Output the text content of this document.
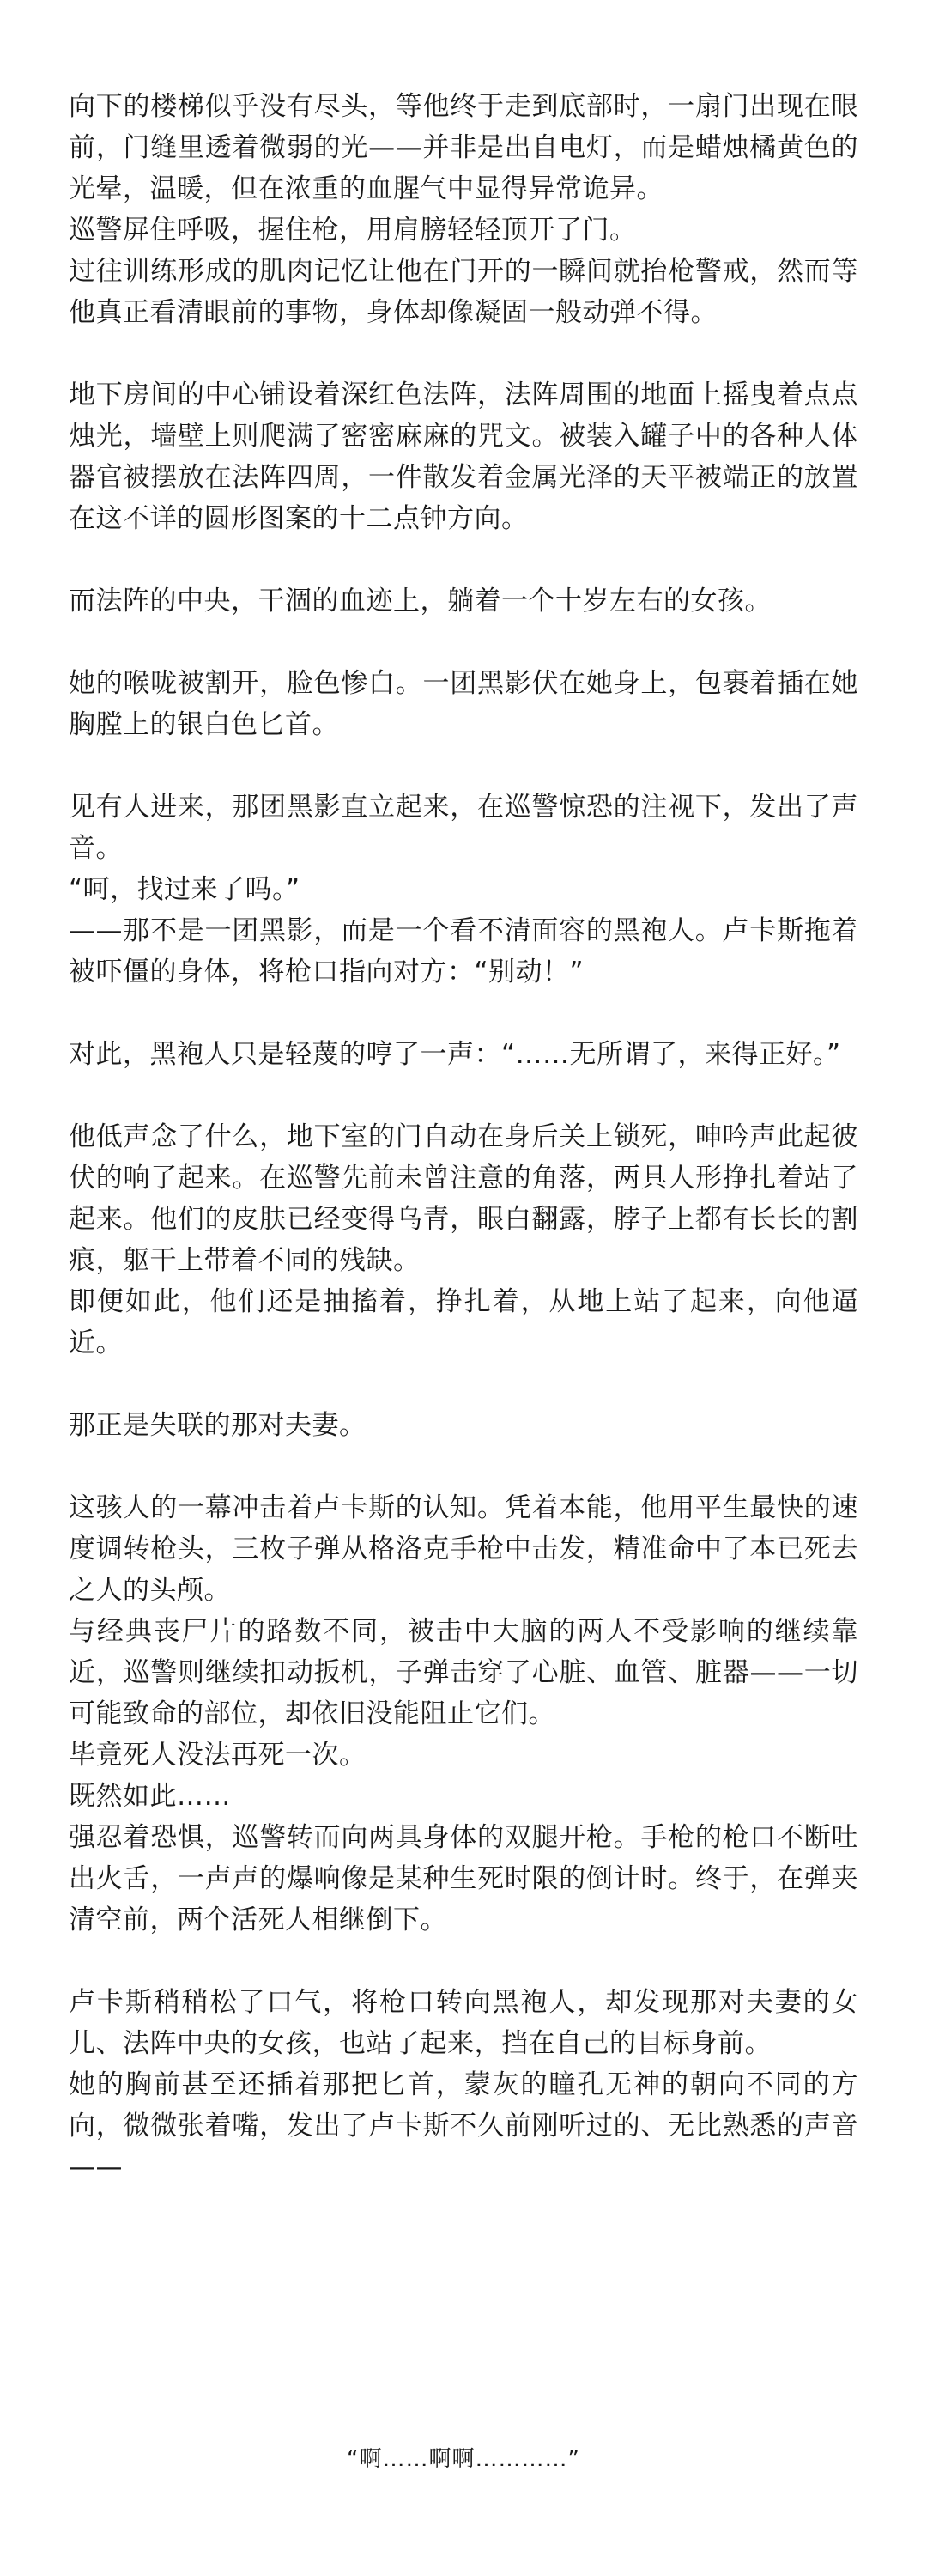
向下的楼梯似乎没有尽头，等他终于走到底部时，一扇门出现在眼前，门缝里透着微弱的光——并非是出自电灯，而是蜡烛橘黄色的光晕，温暖，但在浓重的血腥气中显得异常诡异。

巡警屏住呼吸，握住枪，用肩膀轻轻顶开了门。

过往训练形成的肌肉记忆让他在门开的一瞬间就抬枪警戒，然而等他真正看清眼前的事物，身体却像凝固一般动弹不得。

地下房间的中心铺设着深红色法阵，法阵周围的地面上摇曳着点点烛光，墙壁上则爬满了密密麻麻的咒文。被装入罐子中的各种人体器官被摆放在法阵四周，一件散发着金属光泽的天平被端正的放置在这不详的圆形图案的十二点钟方向。

而法阵的中央，干涸的血迹上，躺着一个十岁左右的女孩。

她的喉咙被割开，脸色惨白。一团黑影伏在她身上，包裹着插在她胸膛上的银白色匕首。

见有人进来，那团黑影直立起来，在巡警惊恐的注视下，发出了声音。

“呵，找过来了吗。”

——那不是一团黑影，而是一个看不清面容的黑袍人。卢卡斯拖着被吓僵的身体，将枪口指向对方：“别动！”

对此，黑袍人只是轻蔑的哼了一声：“……无所谓了，来得正好。”

他低声念了什么，地下室的门自动在身后关上锁死，呻吟声此起彼伏的响了起来。在巡警先前未曾注意的角落，两具人形挣扎着站了起来。他们的皮肤已经变得乌青，眼白翻露，脖子上都有长长的割痕，躯干上带着不同的残缺。

即便如此，他们还是抽搐着，挣扎着，从地上站了起来，向他逼近。

那正是失联的那对夫妻。

这骇人的一幕冲击着卢卡斯的认知。凭着本能，他用平生最快的速度调转枪头，三枚子弹从格洛克手枪中击发，精准命中了本已死去之人的头颅。

与经典丧尸片的路数不同，被击中大脑的两人不受影响的继续靠近，巡警则继续扣动扳机，子弹击穿了心脏、血管、脏器——一切可能致命的部位，却依旧没能阻止它们。

毕竟死人没法再死一次。

既然如此……

强忍着恐惧，巡警转而向两具身体的双腿开枪。手枪的枪口不断吐出火舌，一声声的爆响像是某种生死时限的倒计时。终于，在弹夹清空前，两个活死人相继倒下。

卢卡斯稍稍松了口气，将枪口转向黑袍人，却发现那对夫妻的女儿、法阵中央的女孩，也站了起来，挡在自己的目标身前。

她的胸前甚至还插着那把匕首，蒙灰的瞳孔无神的朝向不同的方向，微微张着嘴，发出了卢卡斯不久前刚听过的、无比熟悉的声音——

“啊……啊啊…………”
